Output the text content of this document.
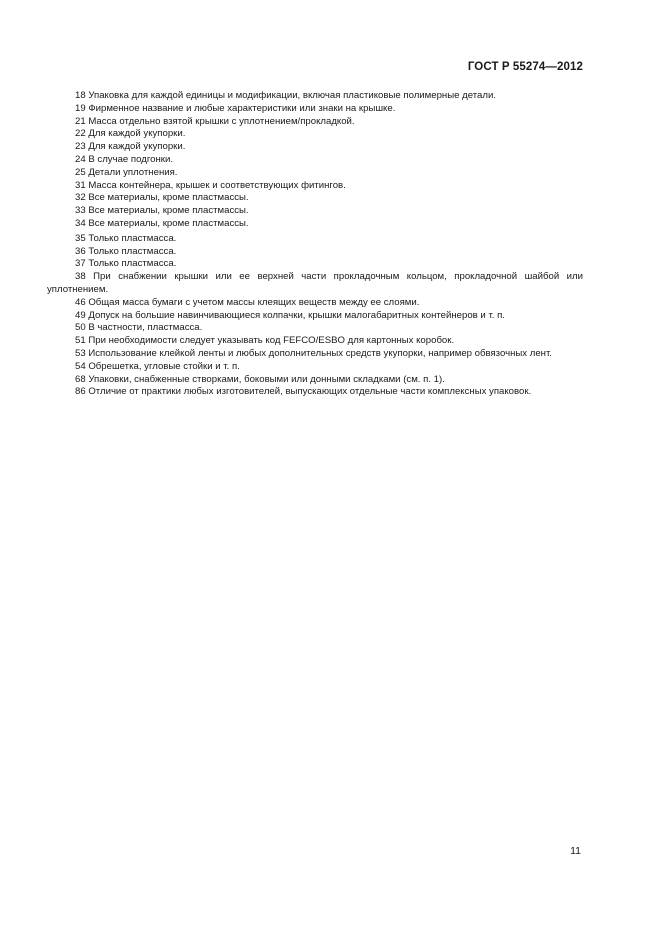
ГОСТ Р 55274—2012
18 Упаковка для каждой единицы и модификации, включая пластиковые полимерные детали.
19 Фирменное название и любые характеристики или знаки на крышке.
21 Масса отдельно взятой крышки с уплотнением/прокладкой.
22 Для каждой укупорки.
23 Для каждой укупорки.
24 В случае подгонки.
25 Детали уплотнения.
31 Масса контейнера, крышек и соответствующих фитингов.
32 Все материалы, кроме пластмассы.
33 Все материалы, кроме пластмассы.
34 Все материалы, кроме пластмассы.
35 Только пластмасса.
36 Только пластмасса.
37 Только пластмасса.
38 При снабжении крышки или ее верхней части прокладочным кольцом, прокладочной шайбой или уплотнением.
46 Общая масса бумаги с учетом массы клеящих веществ между ее слоями.
49 Допуск на большие навинчивающиеся колпачки, крышки малогабаритных контейнеров и т. п.
50 В частности, пластмасса.
51 При необходимости следует указывать код FEFCO/ESBO для картонных коробок.
53 Использование клейкой ленты и любых дополнительных средств укупорки, например обвязочных лент.
54 Обрешетка, угловые стойки и т. п.
68 Упаковки, снабженные створками, боковыми или донными складками (см. п. 1).
86 Отличие от практики любых изготовителей, выпускающих отдельные части комплексных упаковок.
11
